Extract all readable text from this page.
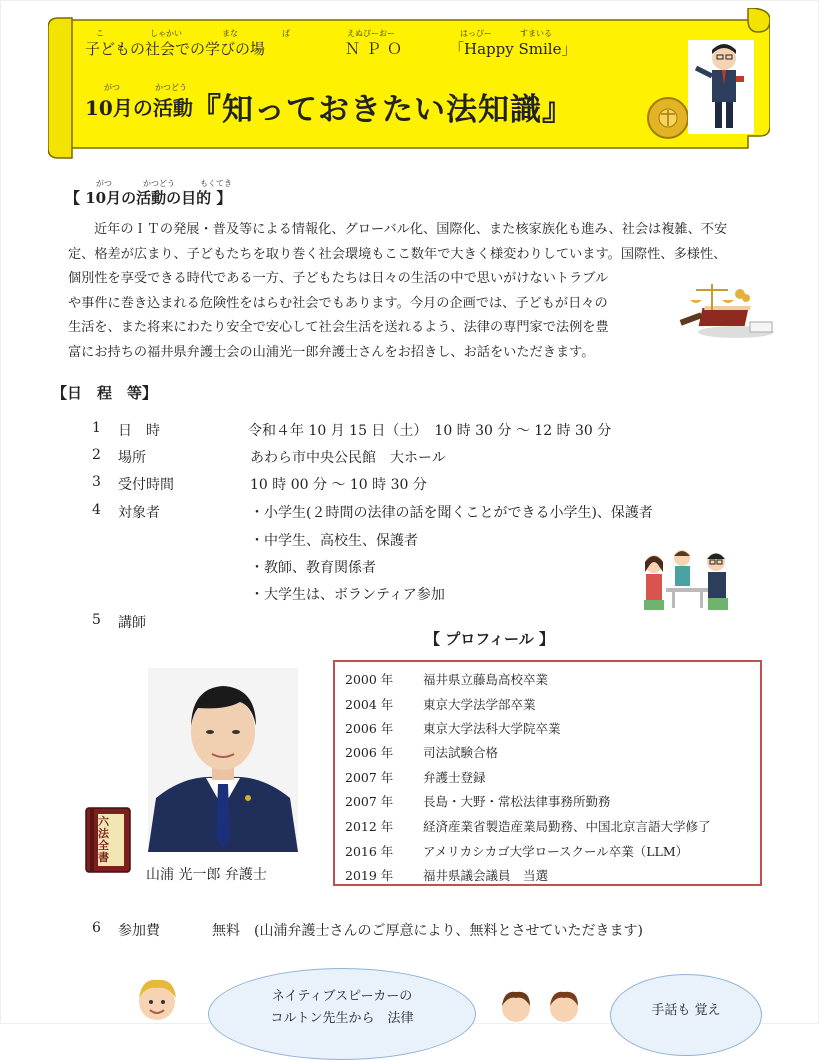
こ	しゃかい	まな	ば	えぬぴーおー	はっぴー	すまいる
子どもの社会での学びの場	ＮＰＯ	「Happy Smile」
がつ	かつどう
10月の活動
『知っておきたい法知識』
がつ	かつどう	もくてき
【 10月の活動の目的 】
近年のＩＴの発展・普及等による情報化、グローバル化、国際化、また核家族化も進み、社会は複雑、不安
定、格差が広まり、子どもたちを取り巻く社会環境もここ数年で大きく様変わりしています。国際性、多様性、
個別性を享受できる時代である一方、子どもたちは日々の生活の中で思いがけないトラブル
や事件に巻き込まれる危険性をはらむ社会でもあります。今月の企画では、子どもが日々の
生活を、また将来にわたり安全で安心して社会生活を送れるよう、法律の専門家で法例を豊
富にお持ちの福井県弁護士会の山浦光一郎弁護士さんをお招きし、お話をいただきます。
【日　程　等】
1 日　時	令和４年 10 月 15 日（土）　10 時 30 分 〜 12 時 30 分
2 場所	あわら市中央公民館　大ホール
3 受付時間	10 時 00 分 〜 10 時 30 分
4 対象者	・小学生(２時間の法律の話を聞くことができる小学生)、保護者
・中学生、高校生、保護者
・教師、教育関係者
・大学生は、ボランティア参加
5 講師
【 プロフィール 】
六法全書
山浦 光一郎 弁護士
2000 年 福井県立藤島高校卒業
2004 年 東京大学法学部卒業
2006 年 東京大学法科大学院卒業
2006 年 司法試験合格
2007 年 弁護士登録
2007 年 長島・大野・常松法律事務所勤務
2012 年 経済産業省製造産業局勤務、中国北京言語大学修了
2016 年 アメリカシカゴ大学ロースクール卒業（LLM）
2019 年 福井県議会議員　当選
6 参加費	無料　(山浦弁護士さんのご厚意により、無料とさせていただきます)
ネイティブスピーカーの
コルトン先生から　法律
手話も 覚え
